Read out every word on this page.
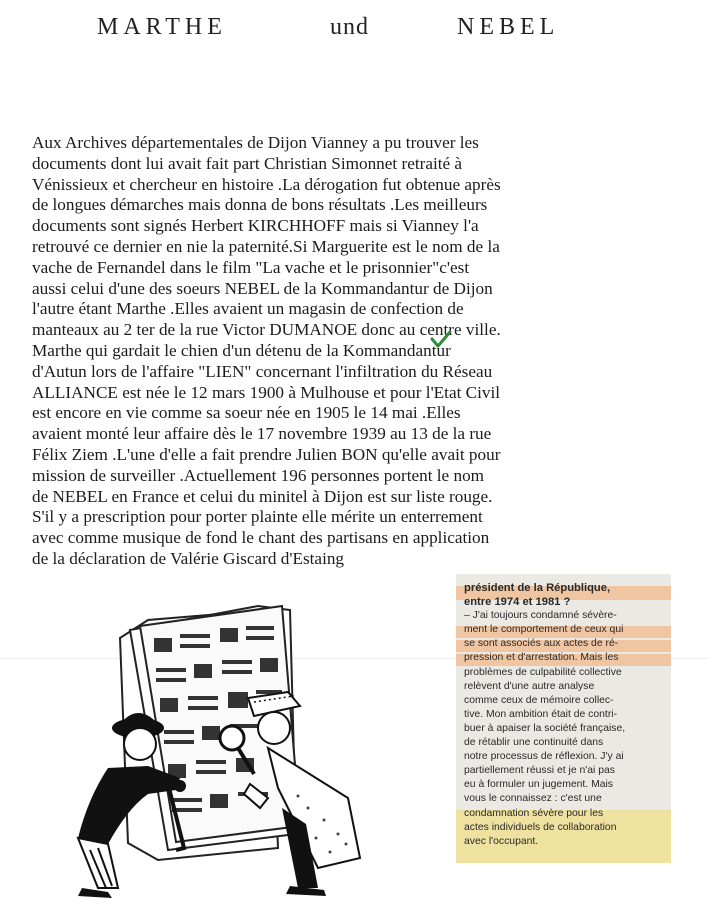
MARTHE	und	NEBEL
Aux Archives départementales de Dijon Vianney a pu trouver les
documents dont lui avait fait part Christian Simonnet retraité à
Vénissieux et chercheur en histoire .La dérogation fut obtenue après
de longues démarches mais donna de bons résultats .Les meilleurs
documents sont signés Herbert KIRCHHOFF mais si Vianney l'a
retrouvé ce dernier en nie la paternité.Si Marguerite est le nom de la
vache de Fernandel dans le film "La vache et le prisonnier"c'est
aussi celui d'une des soeurs NEBEL de la Kommandantur de Dijon
l'autre étant Marthe .Elles avaient un magasin de confection de
manteaux au 2 ter de la rue Victor DUMANOE donc au centre ville.
Marthe qui gardait le chien d'un détenu de la Kommandantur
d'Autun lors de l'affaire "LIEN" concernant l'infiltration du Réseau
ALLIANCE est née le 12 mars 1900 à Mulhouse et pour l'Etat Civil
est encore en vie comme sa soeur née en 1905 le 14 mai .Elles
avaient monté leur affaire dès le 17 novembre 1939 au 13 de la rue
Félix Ziem .L'une d'elle a fait prendre Julien BON qu'elle avait pour
mission de surveiller .Actuellement 196 personnes portent le nom
de NEBEL en France et celui du minitel à Dijon est sur liste rouge.
S'il y a prescription pour porter plainte elle mérite un enterrement
avec comme musique de fond le chant des partisans en application
de la déclaration de Valérie Giscard d'Estaing
président de la République,
entre 1974 et 1981 ?
– J'ai toujours condamné sévère-
ment le comportement de ceux qui
se sont associés aux actes de ré-
pression et d'arrestation. Mais les
problèmes de culpabilité collective
relèvent d'une autre analyse
comme ceux de mémoire collec-
tive. Mon ambition était de contri-
buer à apaiser la société française,
de rétablir une continuité dans
notre processus de réflexion. J'y ai
partiellement réussi et je n'ai pas
eu à formuler un jugement. Mais
vous le connaissez : c'est une
condamnation sévère pour les
actes individuels de collaboration
avec l'occupant.
